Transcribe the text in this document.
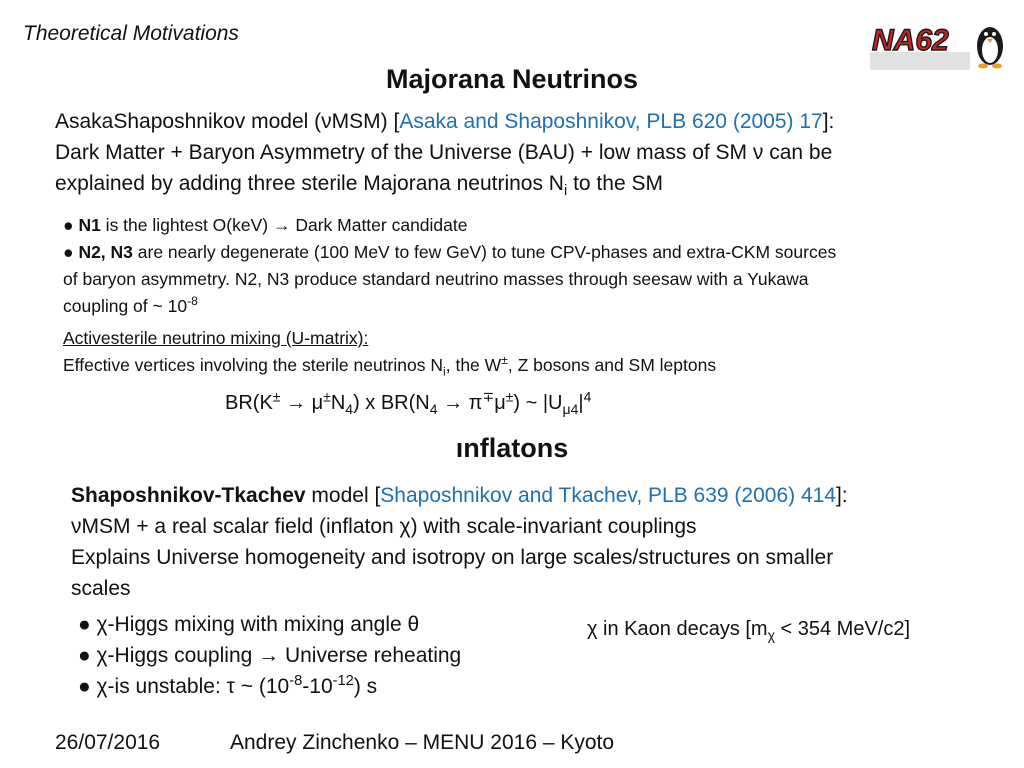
Theoretical Motivations	NA62
Majorana Neutrinos
AsakaShaposhnikov model (νMSM) [Asaka and Shaposhnikov, PLB 620 (2005) 17]:
Dark Matter + Baryon Asymmetry of the Universe (BAU) + low mass of SM ν can be
explained by adding three sterile Majorana neutrinos $N_i$ to the SM
● N1 is the lightest O(keV) → Dark Matter candidate
● N2, N3 are nearly degenerate (100 MeV to few GeV) to tune CPV-phases and extra-CKM sources
of baryon asymmetry. N2, N3 produce standard neutrino masses through seesaw with a Yukawa
coupling of ~ $10^{-8}$
Activesterile neutrino mixing (U-matrix):
Effective vertices involving the sterile neutrinos $N_i$, the W±, Z bosons and SM leptons
$BR(K^\pm \to \mu^\pm N_4)$ x $BR(N_4 \to \pi^\mp\mu^\pm)$ ~ $|U_{\mu 4}|^4$
ınflatons
Shaposhnikov-Tkachev model [Shaposhnikov and Tkachev, PLB 639 (2006) 414]:
νMSM + a real scalar field (inflaton χ) with scale-invariant couplings
Explains Universe homogeneity and isotropy on large scales/structures on smaller
scales
● χ-Higgs mixing with mixing angle θ
● χ-Higgs coupling → Universe reheating
● χ-is unstable: τ ~ $(10^{-8}-10^{-12})$ s
χ in Kaon decays [$m_\chi < 354$ MeV/c2]
26/07/2016	Andrey Zinchenko – MENU 2016 – Kyoto
